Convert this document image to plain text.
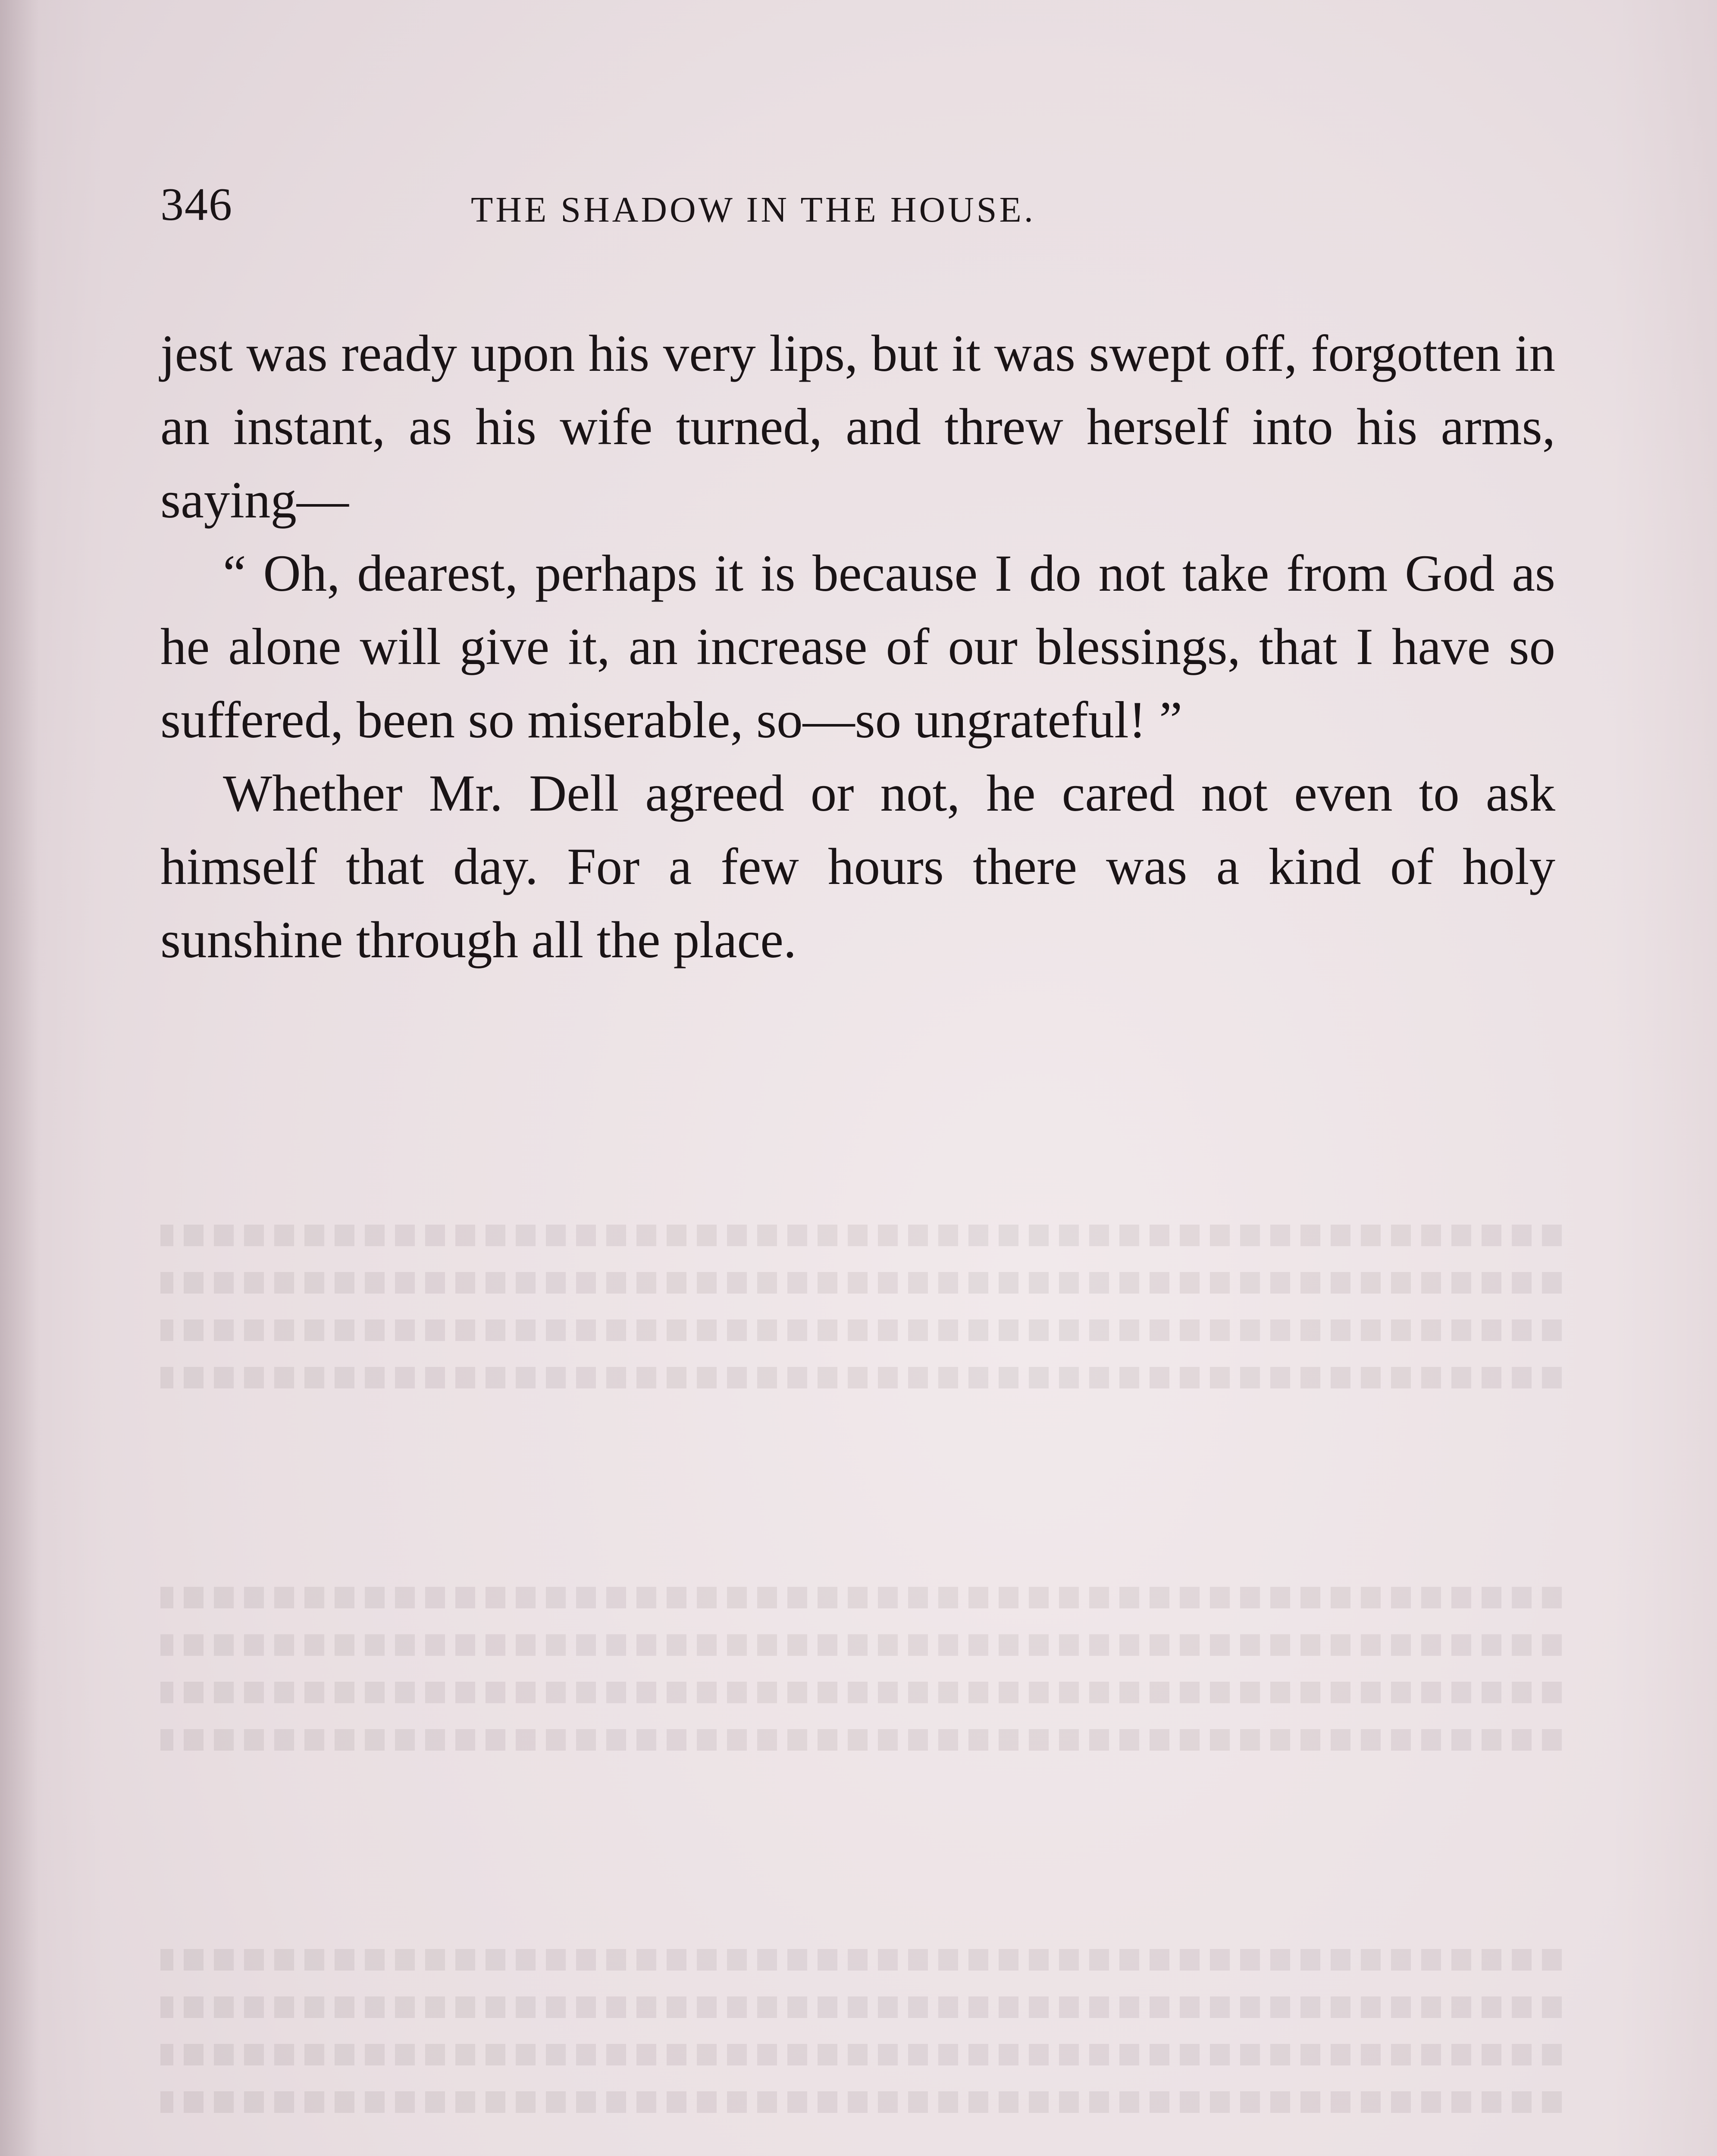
346	THE SHADOW IN THE HOUSE.

jest was ready upon his very lips, but it was swept off, forgotten in an instant, as his wife turned, and threw herself into his arms, saying—

“ Oh, dearest, perhaps it is because I do not take from God as he alone will give it, an increase of our blessings, that I have so suffered, been so miserable, so—so ungrateful! ”

Whether Mr. Dell agreed or not, he cared not even to ask himself that day. For a few hours there was a kind of holy sunshine through all the place.
